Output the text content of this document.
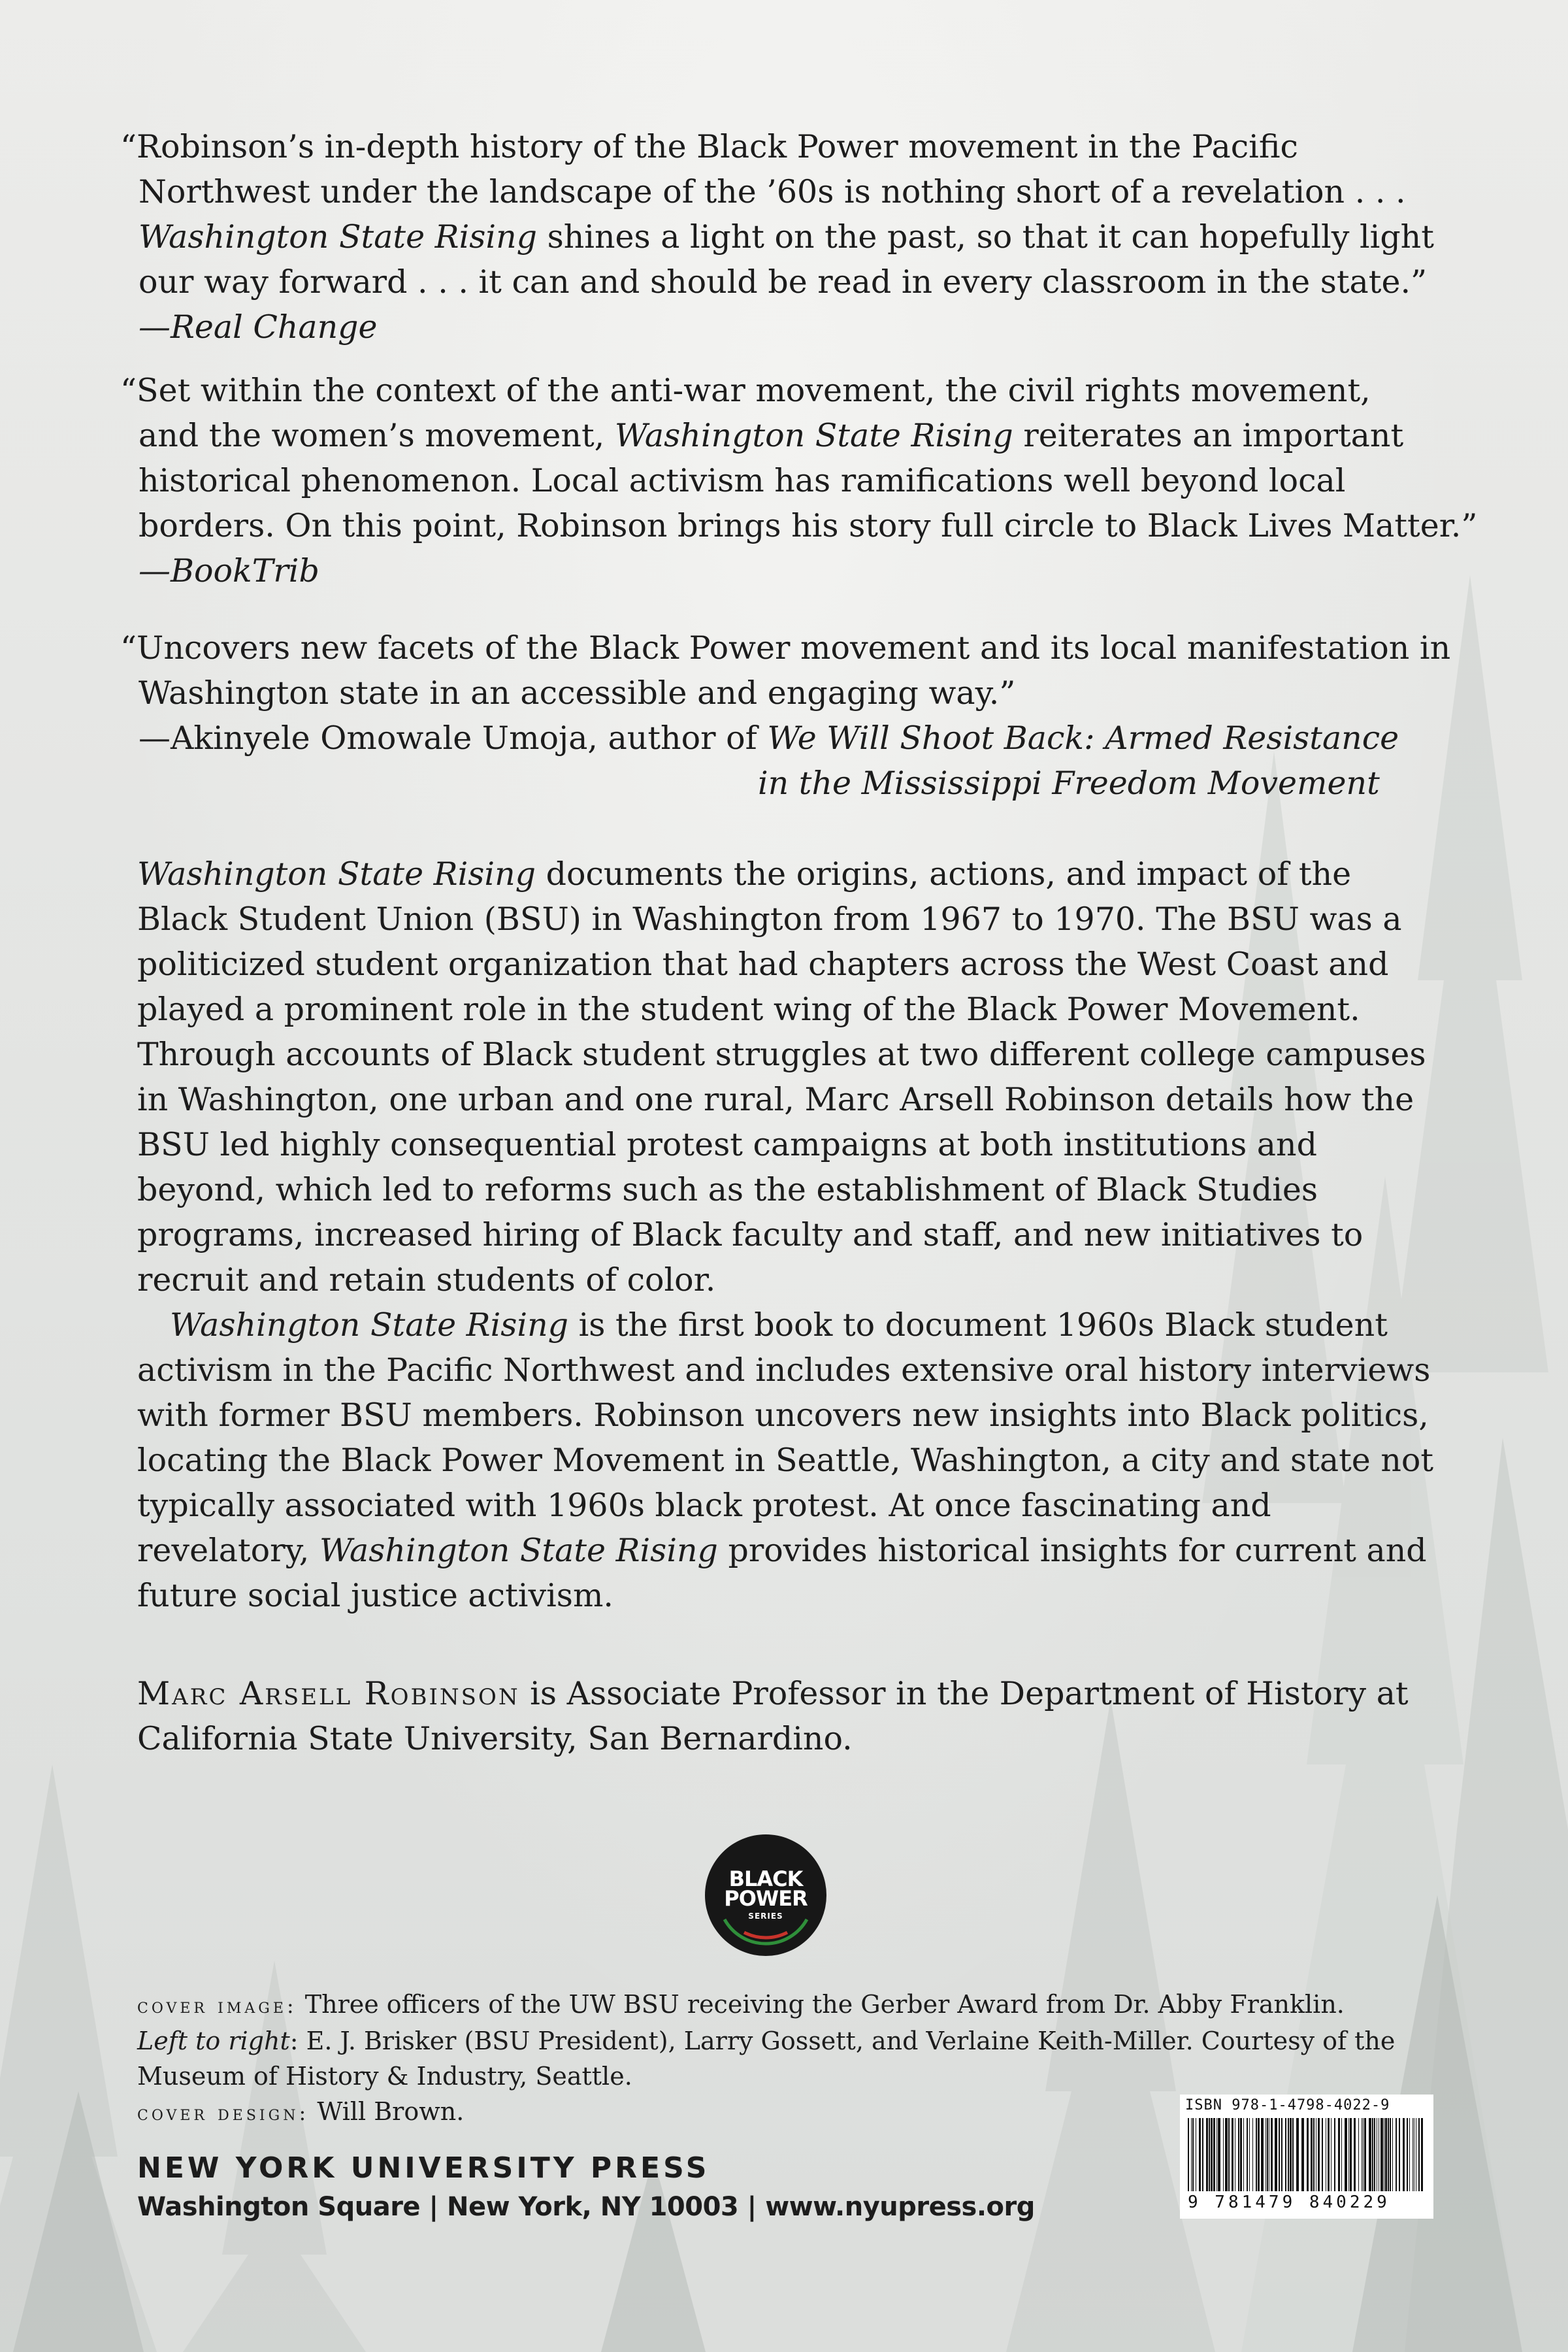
“Robinson’s in-depth history of the Black Power movement in the Pacific

Northwest under the landscape of the ’60s is nothing short of a revelation . . .

Washington State Rising shines a light on the past, so that it can hopefully light

our way forward . . . it can and should be read in every classroom in the state.”

—Real Change

“Set within the context of the anti-war movement, the civil rights movement,

and the women’s movement, Washington State Rising reiterates an important

historical phenomenon. Local activism has ramifications well beyond local

borders. On this point, Robinson brings his story full circle to Black Lives Matter.”

—BookTrib

“Uncovers new facets of the Black Power movement and its local manifestation in

Washington state in an accessible and engaging way.”

—Akinyele Omowale Umoja, author of We Will Shoot Back: Armed Resistance

in the Mississippi Freedom Movement

Washington State Rising documents the origins, actions, and impact of the Black Student Union (BSU) in Washington from 1967 to 1970. The BSU was a politicized student organization that had chapters across the West Coast and played a prominent role in the student wing of the Black Power Movement. Through accounts of Black student struggles at two different college campuses in Washington, one urban and one rural, Marc Arsell Robinson details how the BSU led highly consequential protest campaigns at both institutions and beyond, which led to reforms such as the establishment of Black Studies programs, increased hiring of Black faculty and staff, and new initiatives to recruit and retain students of color.

Washington State Rising is the first book to document 1960s Black student activism in the Pacific Northwest and includes extensive oral history interviews with former BSU members. Robinson uncovers new insights into Black politics, locating the Black Power Movement in Seattle, Washington, a city and state not typically associated with 1960s black protest. At once fascinating and revelatory, Washington State Rising provides historical insights for current and future social justice activism.

Marc Arsell Robinson is Associate Professor in the Department of History at California State University, San Bernardino.

BLACK
POWER
SERIES

cover image: Three officers of the UW BSU receiving the Gerber Award from Dr. Abby Franklin.
Left to right: E. J. Brisker (BSU President), Larry Gossett, and Verlaine Keith-Miller. Courtesy of the Museum of History & Industry, Seattle.

cover design: Will Brown.

NEW YORK UNIVERSITY PRESS
Washington Square | New York, NY 10003 | www.nyupress.org
ISBN 978-1-4798-4022-9
9 781479 840229
